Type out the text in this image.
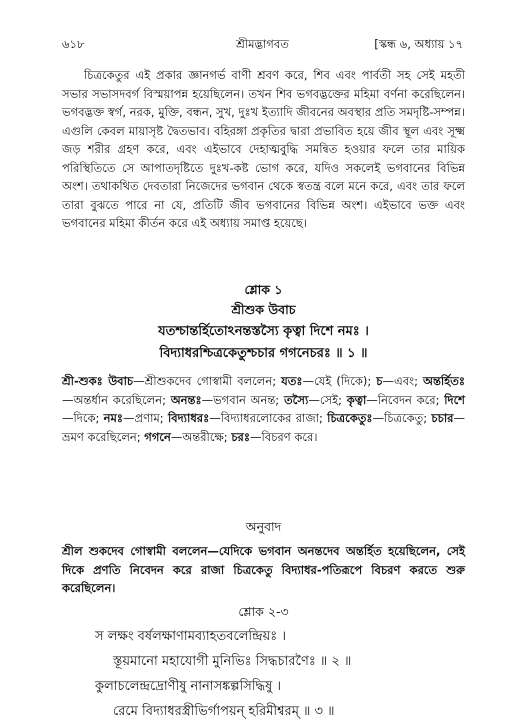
৬১৮	শ্রীমদ্ভাগবত	[স্কন্ধ ৬, অধ্যায় ১৭
চিত্রকেতুর এই প্রকার জ্ঞানগর্ভ বাণী শ্রবণ করে, শিব এবং পার্বতী সহ সেই মহতী সভার সভাসদবর্গ বিস্ময়াপন্ন হয়েছিলেন। তখন শিব ভগবদ্ভক্তের মহিমা বর্ণনা করেছিলেন। ভগবদ্ভক্ত স্বর্গ, নরক, মুক্তি, বন্ধন, সুখ, দুঃখ ইত্যাদি জীবনের অবস্থার প্রতি সমদৃষ্টি-সম্পন্ন। এগুলি কেবল মায়াসৃষ্ট দ্বৈতভাব। বহিরঙ্গা প্রকৃতির দ্বারা প্রভাবিত হয়ে জীব স্থূল এবং সূক্ষ্ম জড় শরীর গ্রহণ করে, এবং এইভাবে দেহাত্মবুদ্ধি সমন্বিত হওয়ার ফলে তার মায়িক পরিস্থিতিতে সে আপাতদৃষ্টিতে দুঃখ-কষ্ট ভোগ করে, যদিও সকলেই ভগবানের বিভিন্ন অংশ। তথাকথিত দেবতারা নিজেদের ভগবান থেকে স্বতন্ত্র বলে মনে করে, এবং তার ফলে তারা বুঝতে পারে না যে, প্রতিটি জীব ভগবানের বিভিন্ন অংশ। এইভাবে ভক্ত এবং ভগবানের মহিমা কীর্তন করে এই অধ্যায় সমাপ্ত হয়েছে।
শ্লোক ১
শ্রীশুক উবাচ
যতশ্চান্তর্হিতোঽনন্তস্তস্যৈ কৃত্বা দিশে নমঃ ।
বিদ্যাধরশ্চিত্রকেতুশ্চচার গগনেচরঃ ॥ ১ ॥
শ্রী-শুকঃ উবাচ—শ্রীশুকদেব গোস্বামী বললেন; যতঃ—যেই (দিকে); চ—এবং; অন্তর্হিতঃ—অন্তর্ধান করেছিলেন; অনন্তঃ—ভগবান অনন্ত; তস্যৈ—সেই; কৃত্বা—নিবেদন করে; দিশে—দিকে; নমঃ—প্রণাম; বিদ্যাধরঃ—বিদ্যাধরলোকের রাজা; চিত্রকেতুঃ—চিত্রকেতু; চচার—ভ্রমণ করেছিলেন; গগনে—অন্তরীক্ষে; চরঃ—বিচরণ করে।
অনুবাদ
শ্রীল শুকদেব গোস্বামী বললেন—যেদিকে ভগবান অনন্তদেব অন্তর্হিত হয়েছিলেন, সেই দিকে প্রণতি নিবেদন করে রাজা চিত্রকেতু বিদ্যাধর-পতিরূপে বিচরণ করতে শুরু করেছিলেন।
শ্লোক ২-৩
স লক্ষং বর্ষলক্ষাণামব্যাহতবলেন্দ্রিয়ঃ ।
স্তূয়মানো মহাযোগী মুনিভিঃ সিদ্ধচারণৈঃ ॥ ২ ॥
কুলাচলেন্দ্রদ্রোণীষু নানাসঙ্কল্পসিদ্ধিষু ।
রেমে বিদ্যাধরস্ত্রীভির্গাপয়ন্ হরিমীশ্বরম্ ॥ ৩ ॥
